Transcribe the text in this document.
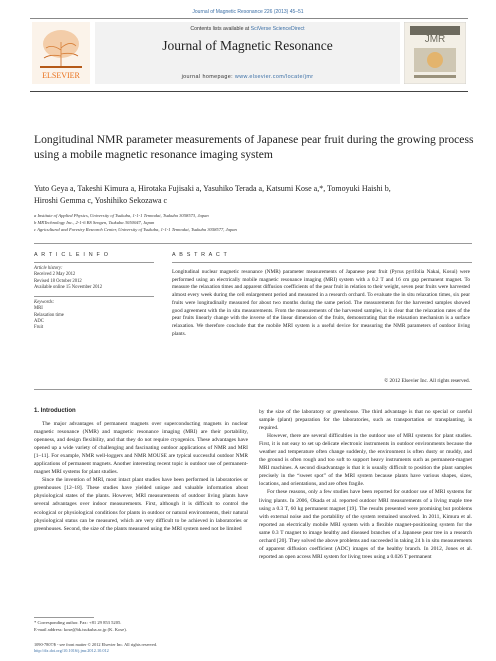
Journal of Magnetic Resonance 226 (2013) 45–51
ELSEVIER
Contents lists available at SciVerse ScienceDirect
Journal of Magnetic Resonance
journal homepage: www.elsevier.com/locate/jmr
JMR
Longitudinal NMR parameter measurements of Japanese pear fruit during the growing process using a mobile magnetic resonance imaging system
Yuto Geya a, Takeshi Kimura a, Hirotaka Fujisaki a, Yasuhiko Terada a, Katsumi Kose a,*, Tomoyuki Haishi b,
Hiroshi Gemma c, Yoshihiko Sekozawa c
a Institute of Applied Physics, University of Tsukuba, 1-1-1 Tennodai, Tsukuba 3058573, Japan
b MRTechnology Inc., 2-1-6 BS Sengen, Tsukuba 3050047, Japan
c Agricultural and Forestry Research Center, University of Tsukuba, 1-1-1 Tennodai, Tsukuba 3058577, Japan
A R T I C L E I N F O	A B S T R A C T
Article history:
Received 2 May 2012
Revised 18 October 2012
Available online 15 November 2012
Keywords:
MRI
Relaxation time
ADC
Fruit
Longitudinal nuclear magnetic resonance (NMR) parameter measurements of Japanese pear fruit (Pyrus pyrifolia Nakai, Kosui) were performed using an electrically mobile magnetic resonance imaging (MRI) system with a 0.2 T and 16 cm gap permanent magnet. To measure the relaxation times and apparent diffusion coefficients of the pear fruit in relation to their weight, seven pear fruits were harvested almost every week during the cell enlargement period and measured in a research orchard. To evaluate the in situ relaxation times, six pear fruits were longitudinally measured for about two months during the same period. The measurements for the harvested samples showed good agreement with the in situ measurements. From the measurements of the harvested samples, it is clear that the relaxation rates of the pear fruits linearly change with the inverse of the linear dimension of the fruits, demonstrating that the relaxation mechanism is a surface relaxation. We therefore conclude that the mobile MRI system is a useful device for measuring the NMR parameters of outdoor living plants.
© 2012 Elsevier Inc. All rights reserved.
1. Introduction

The major advantages of permanent magnets over superconducting magnets in nuclear magnetic resonance (NMR) and magnetic resonance imaging (MRI) are their portability, openness, and design flexibility, and that they do not require cryogenics. These advantages have opened up a wide variety of challenging and fascinating outdoor applications of NMR and MRI [1–11]. For example, NMR well-loggers and NMR MOUSE are typical successful outdoor NMR applications of permanent magnets. Another interesting recent topic is outdoor use of permanent-magnet MRI systems for plant studies.

Since the invention of MRI, most intact plant studies have been performed in laboratories or greenhouses [12–18]. These studies have yielded unique and valuable information about physiological states of the plants. However, MRI measurements of outdoor living plants have several advantages over indoor measurements. First, although it is difficult to control the ecological or physiological conditions for plants in outdoor or natural environments, their natural physiological status can be measured, which are very difficult to be achieved in laboratories or greenhouses. Second, the size of the plants measured using the MRI system need not be limited

by the size of the laboratory or greenhouse. The third advantage is that no special or careful sample (plant) preparation for the laboratories, such as transportation or transplanting, is required.

However, there are several difficulties in the outdoor use of MRI systems for plant studies. First, it is not easy to set up delicate electronic instruments in outdoor environments because the weather and temperature often change suddenly, the environment is often dusty or muddy, and the ground is often rough and too soft to support heavy instruments such as permanent-magnet MRI machines. A second disadvantage is that it is usually difficult to position the plant samples precisely in the “sweet spot” of the MRI system because plants have various shapes, sizes, locations, and orientations, and are often fragile.

For these reasons, only a few studies have been reported for outdoor use of MRI systems for living plants. In 2006, Okada et al. reported outdoor MRI measurements of a living maple tree using a 0.3 T, 60 kg permanent magnet [19]. The results presented were promising but problems with external noise and the portability of the system remained unsolved. In 2011, Kimura et al. reported an electrically mobile MRI system with a flexible magnet-positioning system for the same 0.3 T magnet to image healthy and diseased branches of a Japanese pear tree in a research orchard [20]. They solved the above problems and succeeded in taking 24 h in situ measurements of apparent diffusion coefficient (ADC) images of the healthy branch. In 2012, Jones et al. reported an open access MRI system for living trees using a 0.026 T permanent

* Corresponding author. Fax: +81 29 853 5205.
E-mail address: kose@bk.tsukuba.ac.jp (K. Kose).
1090-7807/$ - see front matter © 2012 Elsevier Inc. All rights reserved.
http://dx.doi.org/10.1016/j.jmr.2012.10.012
